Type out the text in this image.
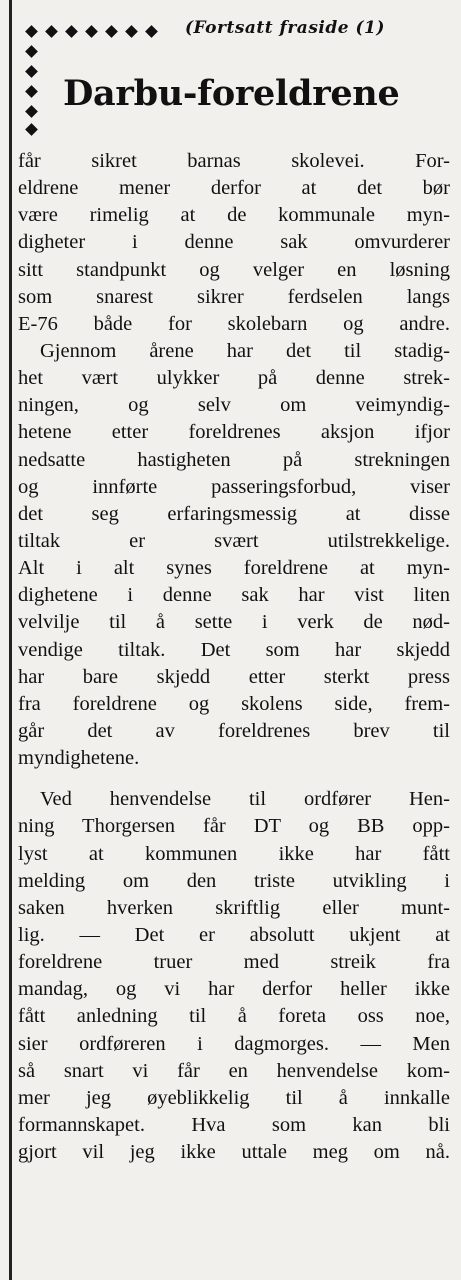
(Fortsatt fraside (1)
Darbu-foreldrene
får sikret barnas skolevei. For-
eldrene mener derfor at det bør
være rimelig at de kommunale myn-
digheter i denne sak omvurderer
sitt standpunkt og velger en løsning
som snarest sikrer ferdselen langs
E-76 både for skolebarn og andre.
Gjennom årene har det til stadig-
het vært ulykker på denne strek-
ningen, og selv om veimyndig-
hetene etter foreldrenes aksjon ifjor
nedsatte hastigheten på strekningen
og innførte passeringsforbud, viser
det seg erfaringsmessig at disse
tiltak er svært utilstrekkelige.
Alt i alt synes foreldrene at myn-
dighetene i denne sak har vist liten
velvilje til å sette i verk de nød-
vendige tiltak. Det som har skjedd
har bare skjedd etter sterkt press
fra foreldrene og skolens side, frem-
går det av foreldrenes brev til
myndighetene.
Ved henvendelse til ordfører Hen-
ning Thorgersen får DT og BB opp-
lyst at kommunen ikke har fått
melding om den triste utvikling i
saken hverken skriftlig eller munt-
lig. — Det er absolutt ukjent at
foreldrene truer med streik fra
mandag, og vi har derfor heller ikke
fått anledning til å foreta oss noe,
sier ordføreren i dagmorges. — Men
så snart vi får en henvendelse kom-
mer jeg øyeblikkelig til å innkalle
formannskapet. Hva som kan bli
gjort vil jeg ikke uttale meg om nå.
